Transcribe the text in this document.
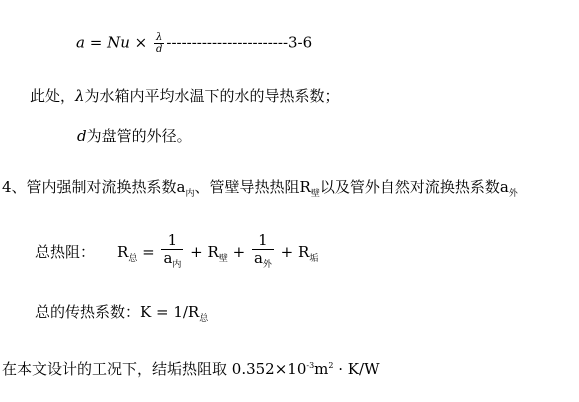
$a = Nu \times \frac{\lambda}{d} ------------------------3-6$
此处，λ为水箱内平均水温下的水的导热系数；
d为盘管的外径。
4、管内强制对流换热系数$a_内$、管壁导热热阻$R_壁$以及管外自然对流换热系数$a_外$
总热阻： $R_总 = \frac{1}{a_内} + R_壁 + \frac{1}{a_外} + R_垢$
总的传热系数：$K = 1/R_总$
在本文设计的工况下，结垢热阻取 $0.352\times 10^{-3}m^2 \cdot K/W$
